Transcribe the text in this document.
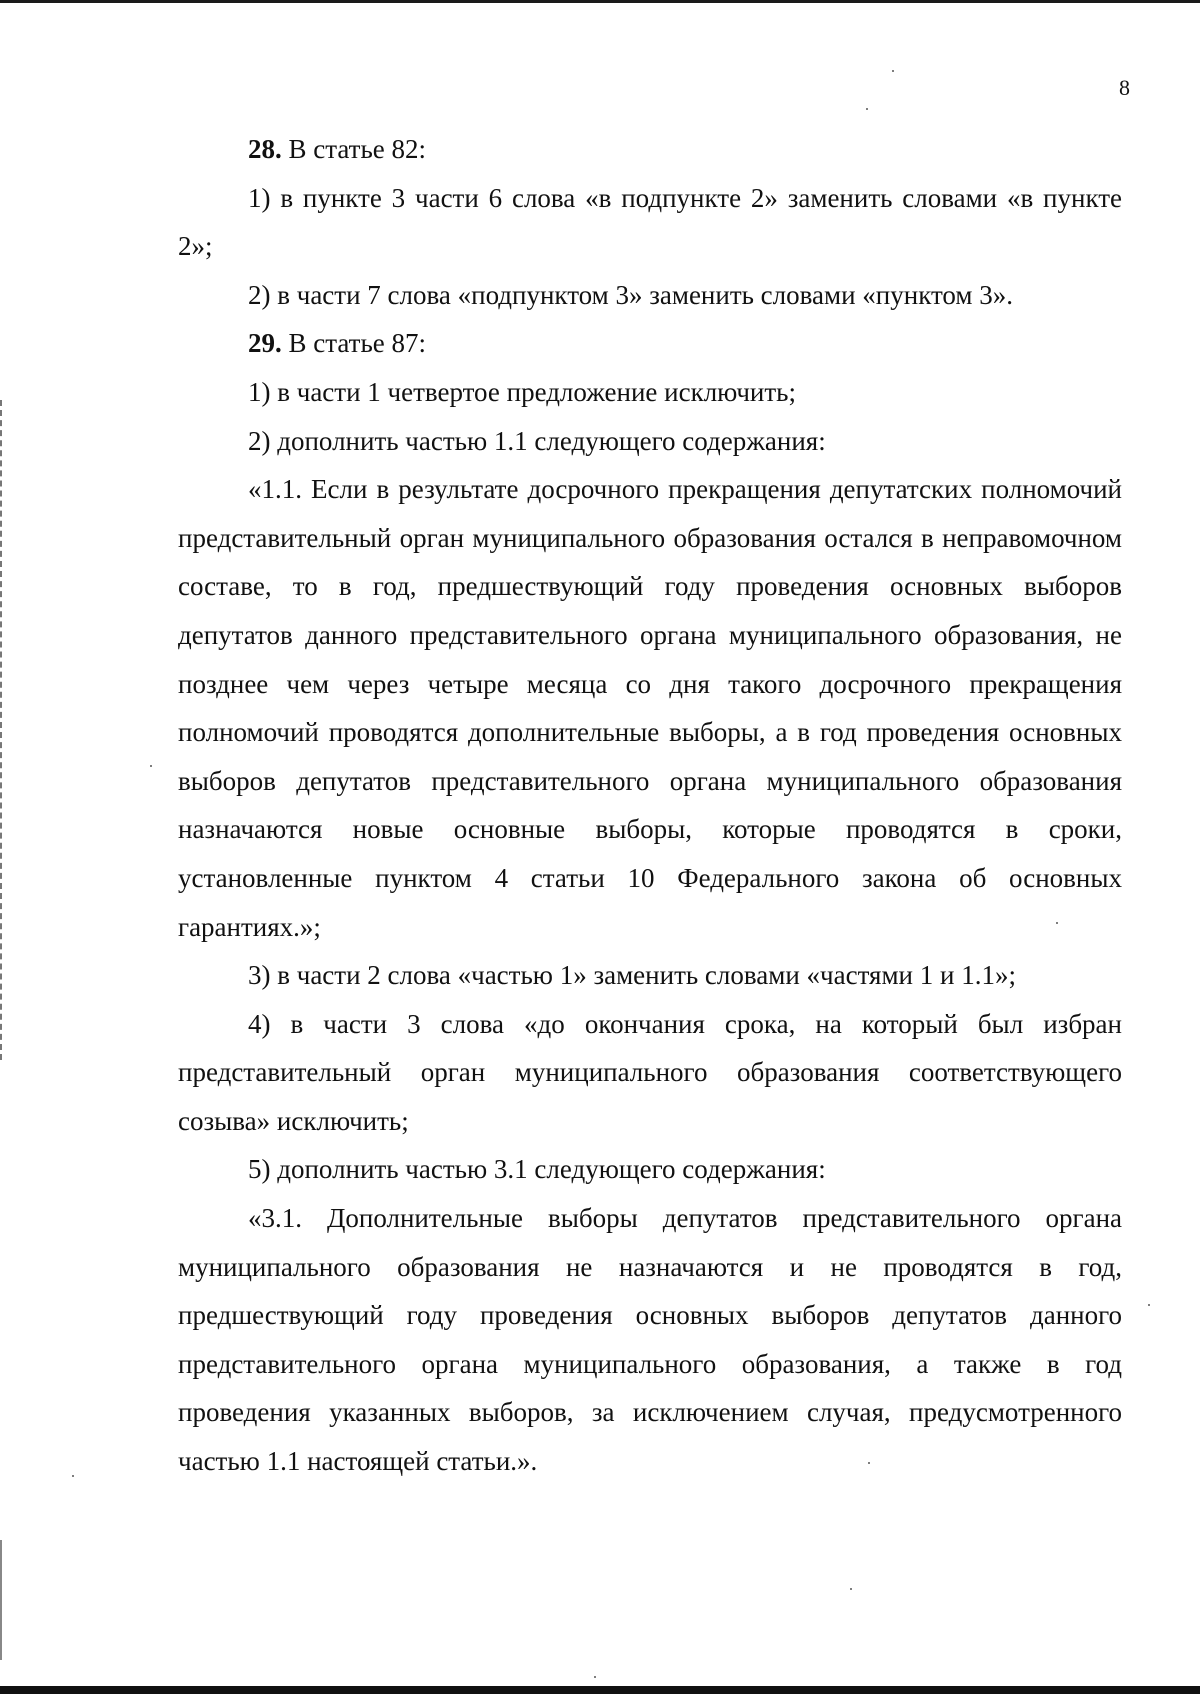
8

28. В статье 82:

1) в пункте 3 части 6 слова «в подпункте 2» заменить словами «в пункте 2»;

2) в части 7 слова «подпунктом 3» заменить словами «пунктом 3».

29. В статье 87:

1) в части 1 четвертое предложение исключить;

2) дополнить частью 1.1 следующего содержания:

«1.1. Если в результате досрочного прекращения депутатских полномочий представительный орган муниципального образования остался в неправомочном составе, то в год, предшествующий году проведения основных выборов депутатов данного представительного органа муниципального образования, не позднее чем через четыре месяца со дня такого досрочного прекращения полномочий проводятся дополнительные выборы, а в год проведения основных выборов депутатов представительного органа муниципального образования назначаются новые основные выборы, которые проводятся в сроки, установленные пунктом 4 статьи 10 Федерального закона об основных гарантиях.»;

3) в части 2 слова «частью 1» заменить словами «частями 1 и 1.1»;

4) в части 3 слова «до окончания срока, на который был избран представительный орган муниципального образования соответствующего созыва» исключить;

5) дополнить частью 3.1 следующего содержания:

«3.1. Дополнительные выборы депутатов представительного органа муниципального образования не назначаются и не проводятся в год, предшествующий году проведения основных выборов депутатов данного представительного органа муниципального образования, а также в год проведения указанных выборов, за исключением случая, предусмотренного частью 1.1 настоящей статьи.».
